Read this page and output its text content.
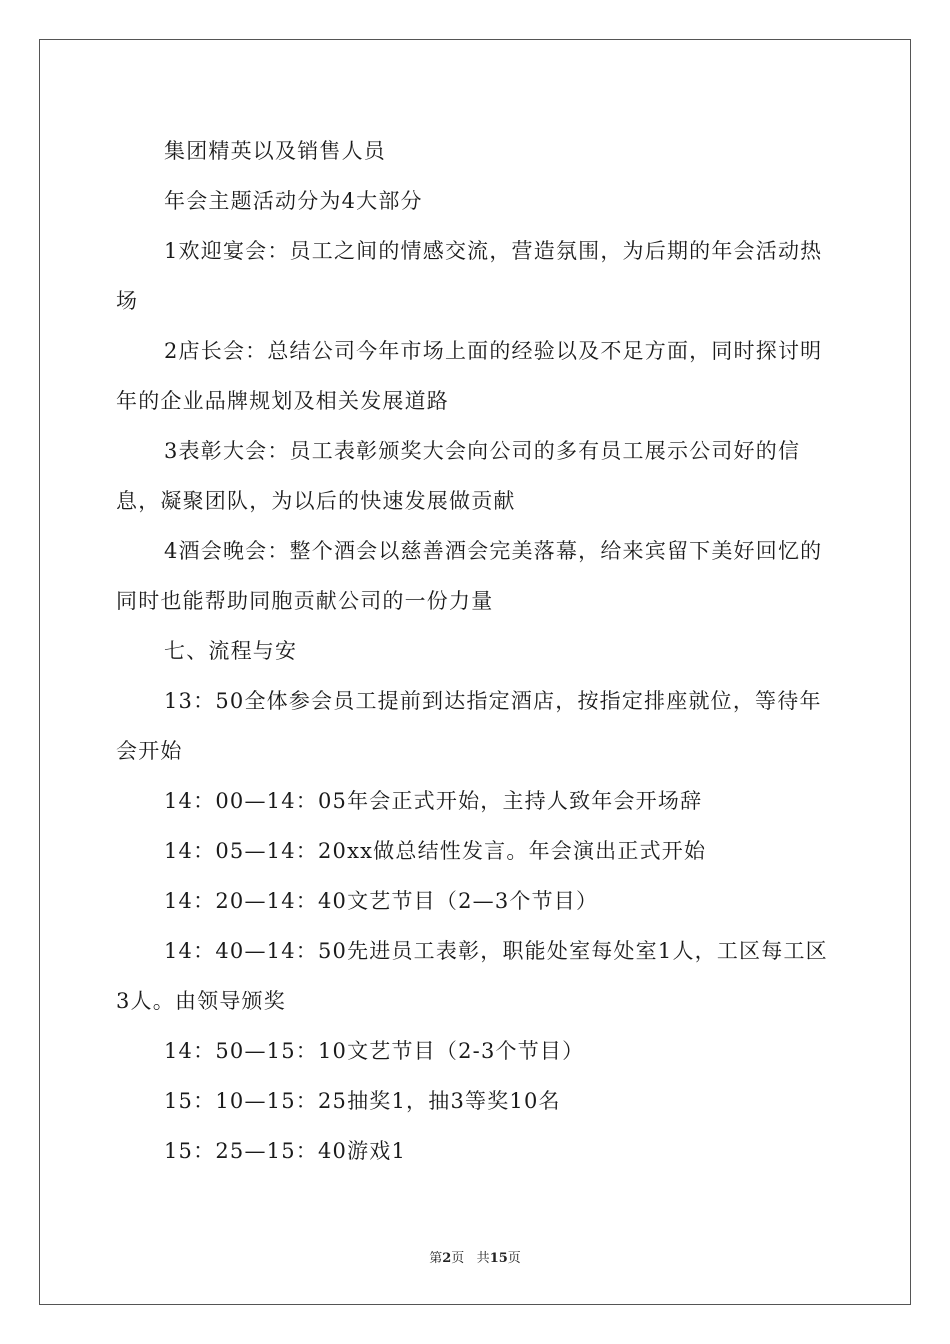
集团精英以及销售人员

年会主题活动分为4大部分

1欢迎宴会：员工之间的情感交流，营造氛围，为后期的年会活动热场

2店长会：总结公司今年市场上面的经验以及不足方面，同时探讨明年的企业品牌规划及相关发展道路

3表彰大会：员工表彰颁奖大会向公司的多有员工展示公司好的信息，凝聚团队，为以后的快速发展做贡献

4酒会晚会：整个酒会以慈善酒会完美落幕，给来宾留下美好回忆的同时也能帮助同胞贡献公司的一份力量

七、流程与安

13：50全体参会员工提前到达指定酒店，按指定排座就位，等待年会开始

14：00—14：05年会正式开始，主持人致年会开场辞

14：05—14：20xx做总结性发言。年会演出正式开始

14：20—14：40文艺节目（2—3个节目）

14：40—14：50先进员工表彰，职能处室每处室1人，工区每工区3人。由领导颁奖

14：50—15：10文艺节目（2-3个节目）

15：10—15：25抽奖1，抽3等奖10名

15：25—15：40游戏1

第2页 共15页
